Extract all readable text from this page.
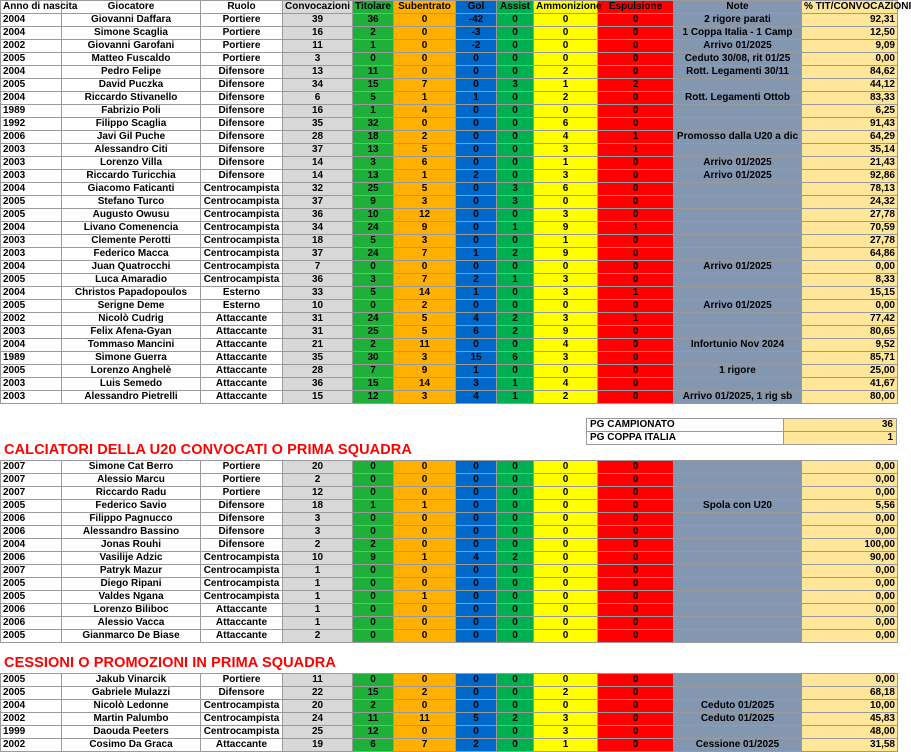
Anno di nascita	Giocatore	Ruolo	Convocazioni	Titolare	Subentrato	Gol	Assist	Ammonizione	Espulsione	Note	% TIT/CONVOCAZIONI
2004	Giovanni Daffara	Portiere	39	36	0	-42	0	0	0	2 rigore parati	92,31
2004	Simone Scaglia	Portiere	16	2	0	-3	0	0	0	1 Coppa Italia - 1 Camp	12,50
2002	Giovanni Garofani	Portiere	11	1	0	-2	0	0	0	Arrivo 01/2025	9,09
2005	Matteo Fuscaldo	Portiere	3	0	0	0	0	0	0	Ceduto 30/08, rit 01/25	0,00
2004	Pedro Felipe	Difensore	13	11	0	0	0	2	0	Rott. Legamenti 30/11	84,62
2005	David Puczka	Difensore	34	15	7	0	3	1	2		44,12
2004	Riccardo Stivanello	Difensore	6	5	1	1	0	2	0	Rott. Legamenti Ottob	83,33
1989	Fabrizio Poli	Difensore	16	1	4	0	0	0	0		6,25
1992	Filippo Scaglia	Difensore	35	32	0	0	0	6	0		91,43
2006	Javi Gil Puche	Difensore	28	18	2	0	0	4	1	Promosso dalla U20 a dic	64,29
2003	Alessandro Citi	Difensore	37	13	5	0	0	3	1		35,14
2003	Lorenzo Villa	Difensore	14	3	6	0	0	1	0	Arrivo 01/2025	21,43
2003	Riccardo Turicchia	Difensore	14	13	1	2	0	3	0	Arrivo 01/2025	92,86
2004	Giacomo Faticanti	Centrocampista	32	25	5	0	3	6	0		78,13
2005	Stefano Turco	Centrocampista	37	9	3	0	3	0	0		24,32
2005	Augusto Owusu	Centrocampista	36	10	12	0	0	3	0		27,78
2004	Livano Comenencia	Centrocampista	34	24	9	0	1	9	1		70,59
2003	Clemente Perotti	Centrocampista	18	5	3	0	0	1	0		27,78
2003	Federico Macca	Centrocampista	37	24	7	1	2	9	0		64,86
2004	Juan Quatrocchi	Centrocampista	7	0	0	0	0	0	0	Arrivo 01/2025	0,00
2005	Luca Amaradio	Centrocampista	36	3	7	2	1	3	0		8,33
2004	Christos Papadopoulos	Esterno	33	5	14	1	0	3	1		15,15
2005	Serigne Deme	Esterno	10	0	2	0	0	0	0	Arrivo 01/2025	0,00
2002	Nicolò Cudrig	Attaccante	31	24	5	4	2	3	1		77,42
2003	Felix Afena-Gyan	Attaccante	31	25	5	6	2	9	0		80,65
2004	Tommaso Mancini	Attaccante	21	2	11	0	0	4	0	Infortunio Nov 2024	9,52
1989	Simone Guerra	Attaccante	35	30	3	15	6	3	0		85,71
2005	Lorenzo Anghelè	Attaccante	28	7	9	1	0	0	0	1 rigore	25,00
2003	Luis Semedo	Attaccante	36	15	14	3	1	4	0		41,67
2003	Alessandro Pietrelli	Attaccante	15	12	3	4	1	2	0	Arrivo 01/2025, 1 rig sb	80,00
PG CAMPIONATO	36
PG COPPA ITALIA	1
CALCIATORI DELLA U20 CONVOCATI O PRIMA SQUADRA
2007	Simone Cat Berro	Portiere	20	0	0	0	0	0	0		0,00
2007	Alessio Marcu	Portiere	2	0	0	0	0	0	0		0,00
2007	Riccardo Radu	Portiere	12	0	0	0	0	0	0		0,00
2005	Federico Savio	Difensore	18	1	1	0	0	0	0	Spola con U20	5,56
2006	Filippo Pagnucco	Difensore	3	0	0	0	0	0	0		0,00
2006	Alessandro Bassino	Difensore	3	0	0	0	0	0	0		0,00
2004	Jonas Rouhi	Difensore	2	2	0	0	0	0	0		100,00
2006	Vasilije Adzic	Centrocampista	10	9	1	4	2	0	0		90,00
2007	Patryk Mazur	Centrocampista	1	0	0	0	0	0	0		0,00
2005	Diego Ripani	Centrocampista	1	0	0	0	0	0	0		0,00
2005	Valdes Ngana	Centrocampista	1	0	1	0	0	0	0		0,00
2006	Lorenzo Biliboc	Attaccante	1	0	0	0	0	0	0		0,00
2006	Alessio Vacca	Attaccante	1	0	0	0	0	0	0		0,00
2005	Gianmarco De Biase	Attaccante	2	0	0	0	0	0	0		0,00
CESSIONI O PROMOZIONI IN PRIMA SQUADRA
2005	Jakub Vinarcik	Portiere	11	0	0	0	0	0	0		0,00
2005	Gabriele Mulazzi	Difensore	22	15	2	0	0	2	0		68,18
2004	Nicolò Ledonne	Centrocampista	20	2	0	0	0	0	0	Ceduto 01/2025	10,00
2002	Martin Palumbo	Centrocampista	24	11	11	5	2	3	0	Ceduto 01/2025	45,83
1999	Daouda Peeters	Centrocampista	25	12	0	0	0	3	0		48,00
2002	Cosimo Da Graca	Attaccante	19	6	7	2	0	1	0	Cessione 01/2025	31,58
